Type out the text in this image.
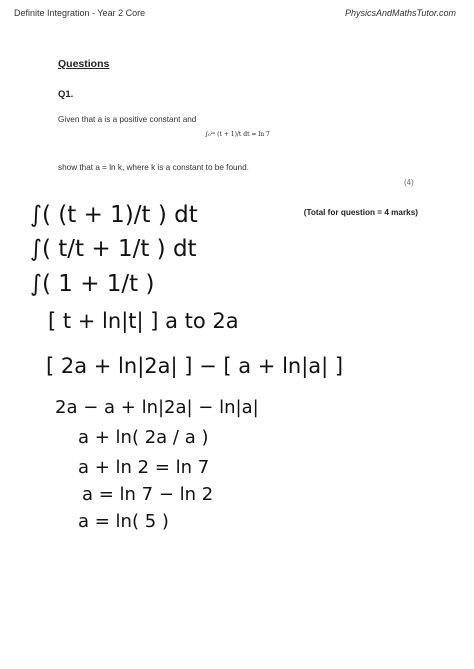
Definite Integration - Year 2 Core	PhysicsAndMathsTutor.com
Questions
Q1.
Given that a is a positive constant and
∫₀²ᵃ (t + 1)/t dt = ln 7
show that a = ln k, where k is a constant to be found.
(4)
(Total for question = 4 marks)
∫( (t + 1)/t ) dt
∫( t/t + 1/t ) dt
∫( 1 + 1/t )
[ t + ln|t| ] a to 2a
[ 2a + ln|2a| ] − [ a + ln|a| ]
2a − a + ln|2a| − ln|a|
a + ln( 2a / a )
a + ln 2 = ln 7
a = ln 7 − ln 2
a = ln( 5 )
